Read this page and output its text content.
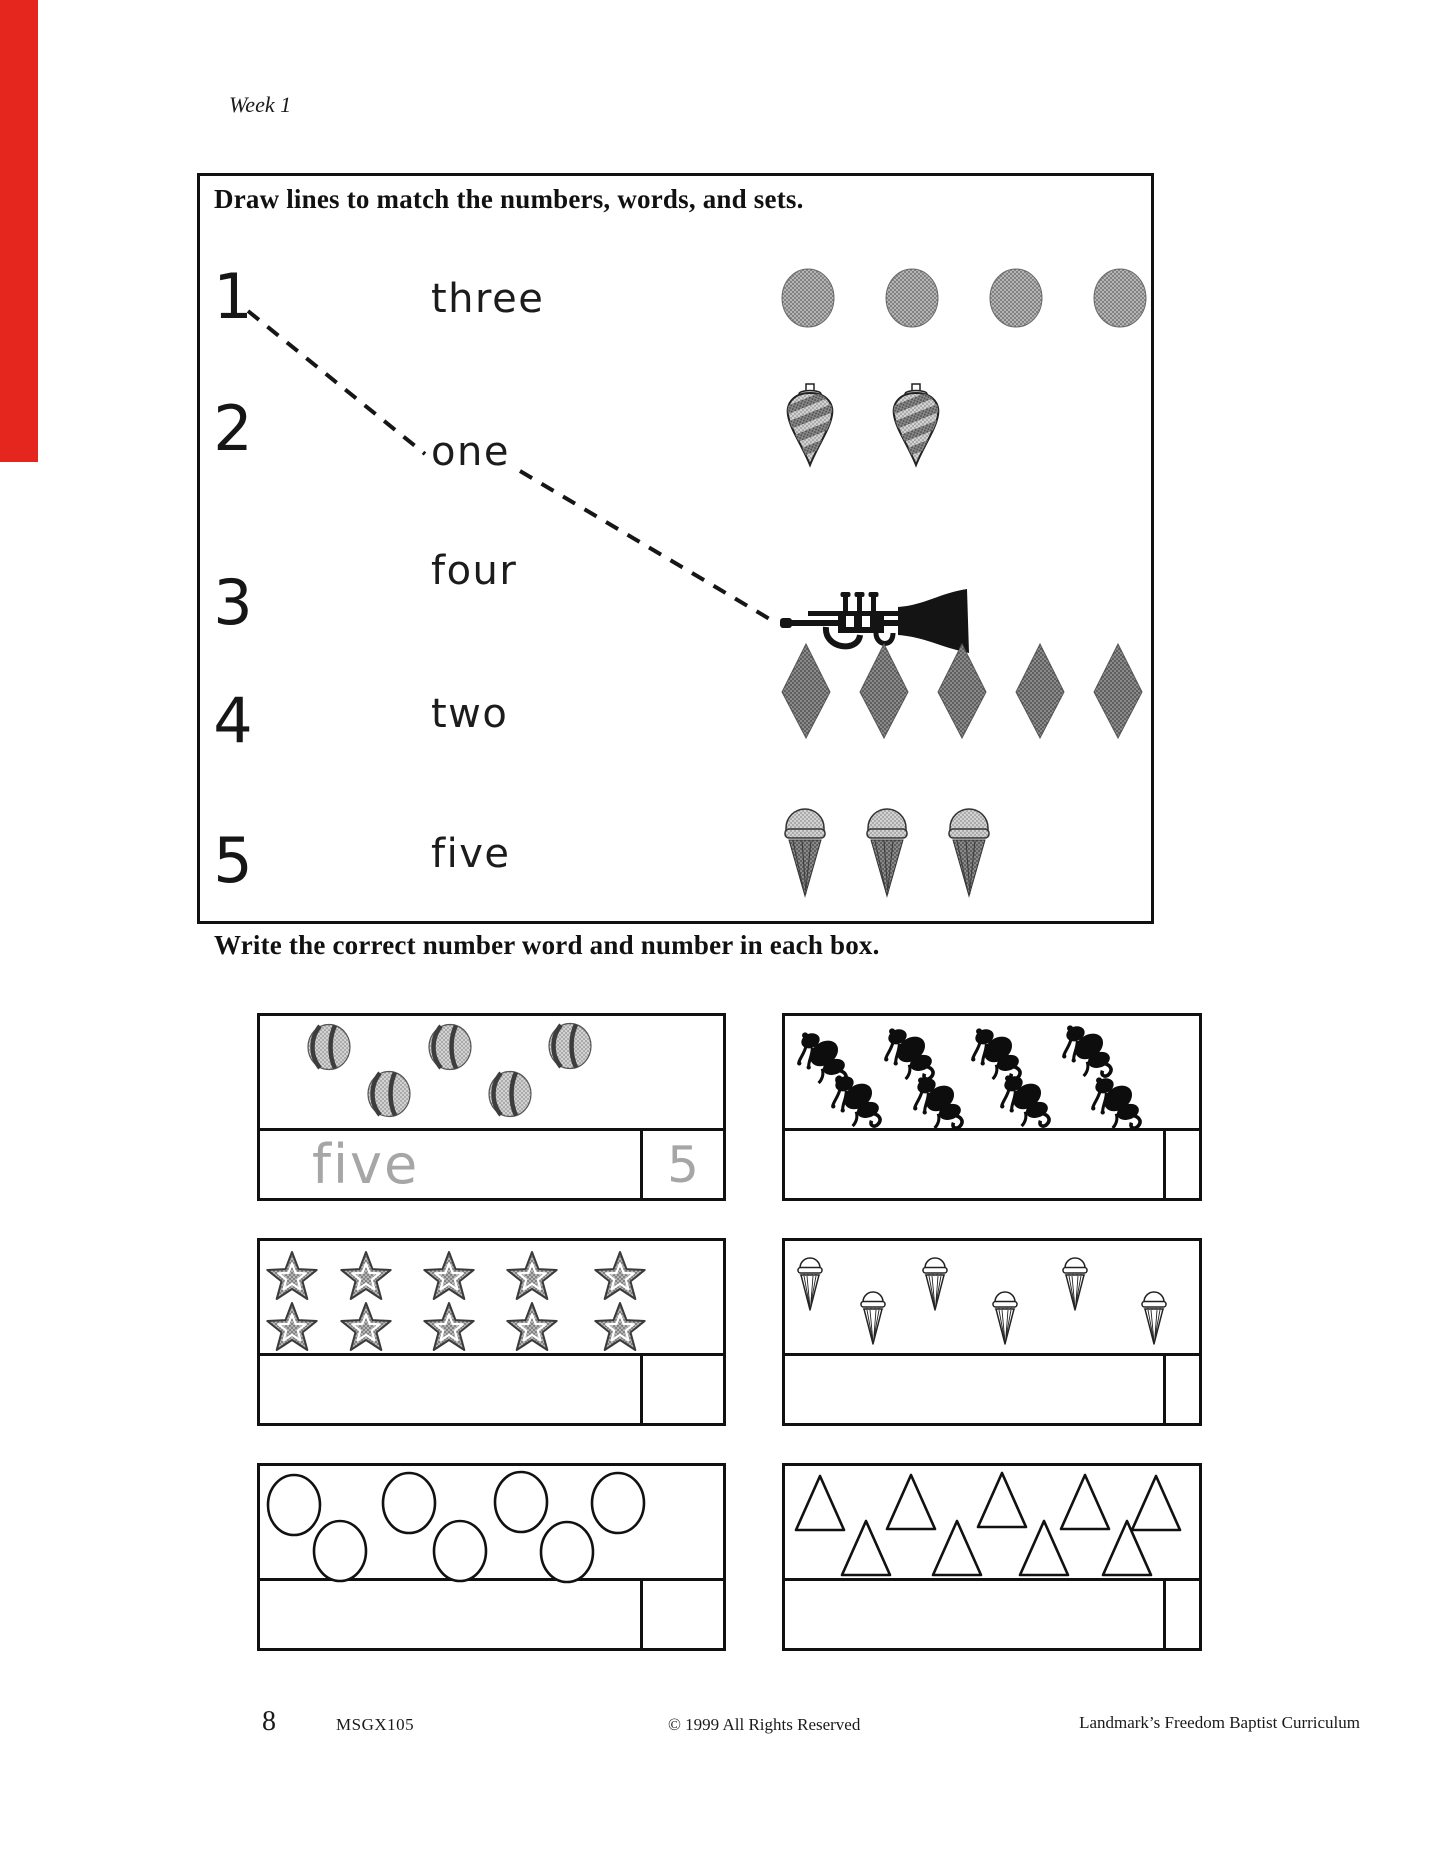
Week 1
Draw lines to match the numbers, words, and sets.
1	three
2	one
3	four
4	two
5	five
Write the correct number word and number in each box.
five	5
8	MSGX105	© 1999 All Rights Reserved	Landmark’s Freedom Baptist Curriculum
